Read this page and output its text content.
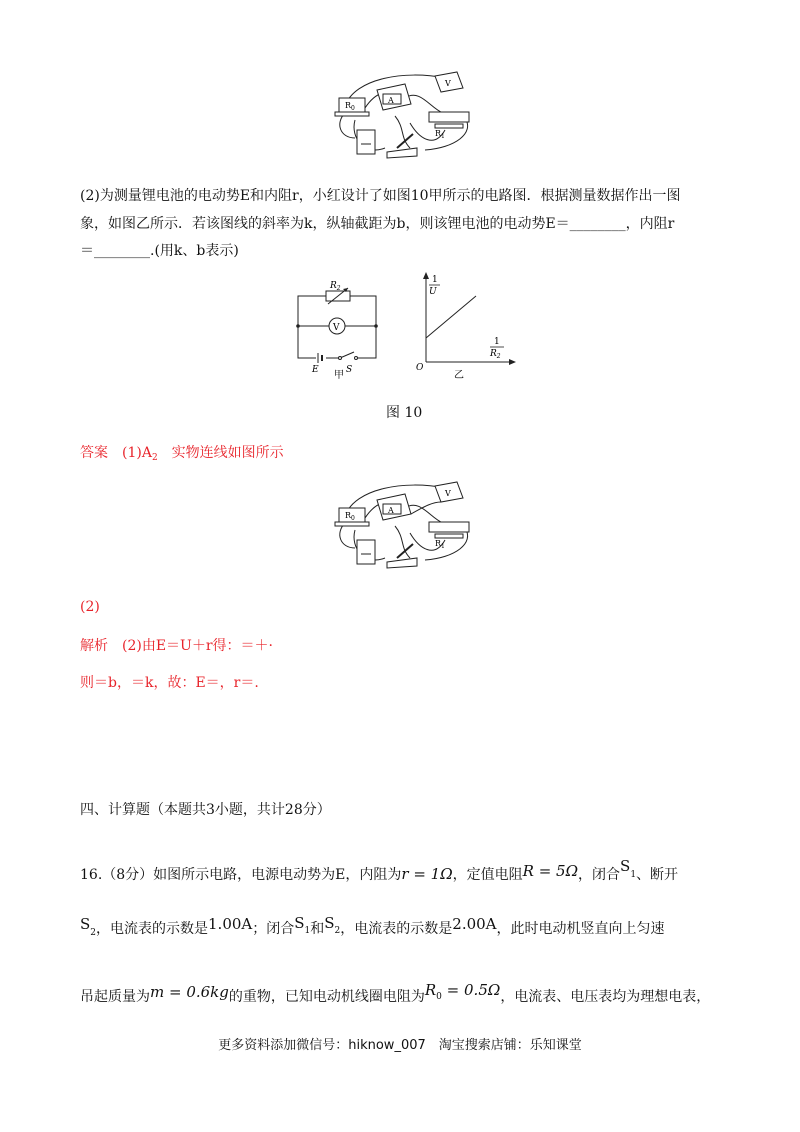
$R_0$
A
V
$R_1$
(2)为测量锂电池的电动势E和内阻r，小红设计了如图10甲所示的电路图．根据测量数据作出一图
象，如图乙所示．若该图线的斜率为k，纵轴截距为b，则该锂电池的电动势E＝________，内阻r
＝________.(用k、b表示)
$R_2$
V
E	S
甲
1
U
1
$R_2$
O
乙
图 10
答案　$(1)A_2$　实物连线如图所示
$R_0$
A
V
$R_1$
(2)
解析　(2)由E＝U＋r得：＝＋·
则＝b，＝k，故：E＝，r＝.
四、计算题（本题共3小题，共计28分）
16.（8分）如图所示电路，电源电动势为E，内阻为r = 1Ω，定值电阻R = 5Ω，闭合S1、断开
S2，电流表的示数是1.00A；闭合S1和S2，电流表的示数是2.00A，此时电动机竖直向上匀速
吊起质量为m = 0.6kg的重物，已知电动机线圈电阻为R0 = 0.5Ω，电流表、电压表均为理想电表，
更多资料添加微信号：hiknow_007　淘宝搜索店铺：乐知课堂
